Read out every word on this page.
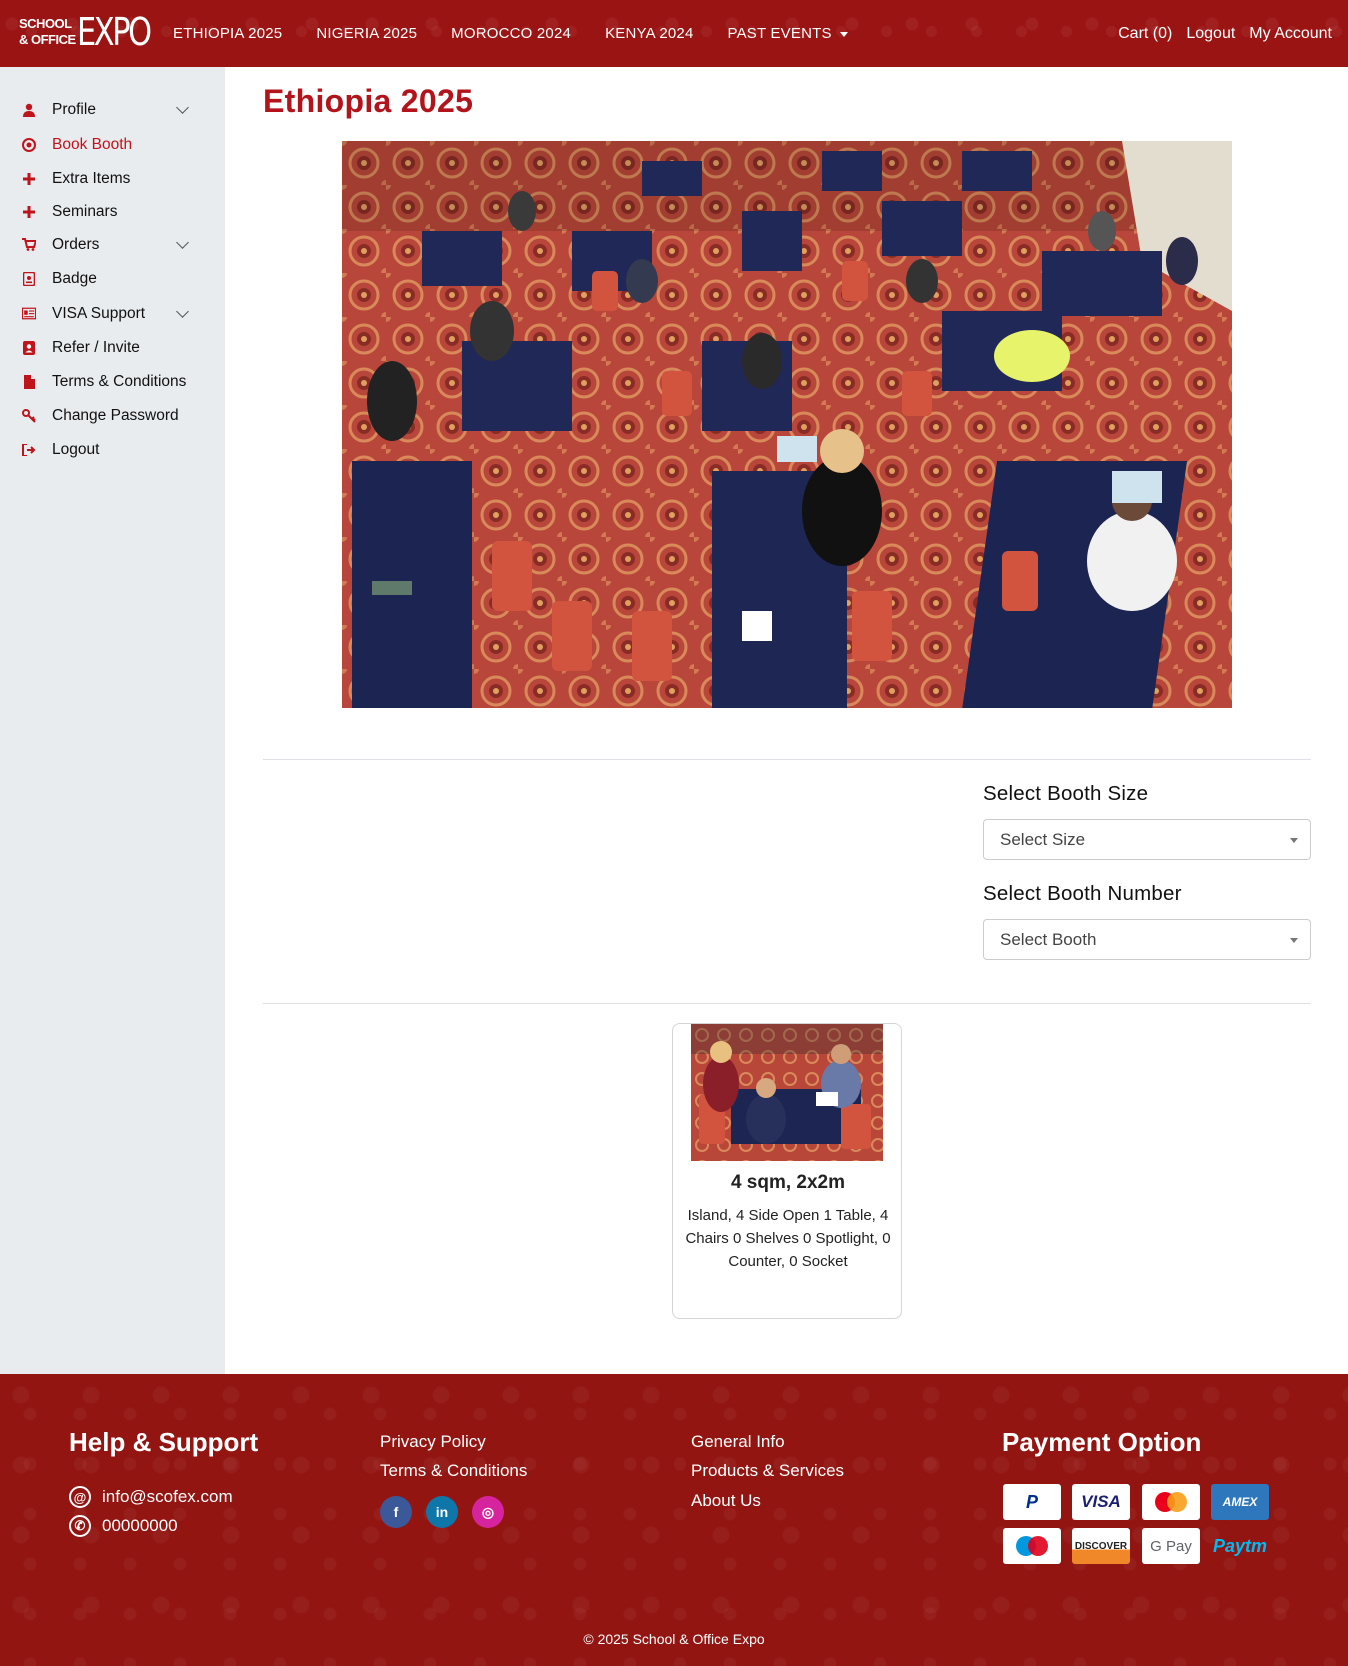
SCHOOL
& OFFICE EXPO ETHIOPIA 2025 NIGERIA 2025 MOROCCO 2024 KENYA 2024 PAST EVENTS	Cart (0) Logout My Account
Profile
Book Booth
Extra Items
Seminars
Orders
Badge
VISA Support
Refer / Invite
Terms & Conditions
Change Password
Logout
Ethiopia 2025
Select Booth Size
Select Size
Select Booth Number
Select Booth
4 sqm, 2x2m
Island, 4 Side Open 1 Table, 4 Chairs 0 Shelves 0 Spotlight, 0 Counter, 0 Socket
Help & Support
@ info@scofex.com
✆ 00000000
Privacy Policy
Terms & Conditions
f	in	◎
General Info
Products & Services
About Us
Payment Option
P	VISA	AMEX
DISCOVER	G Pay	Paytm
© 2025 School & Office Expo
